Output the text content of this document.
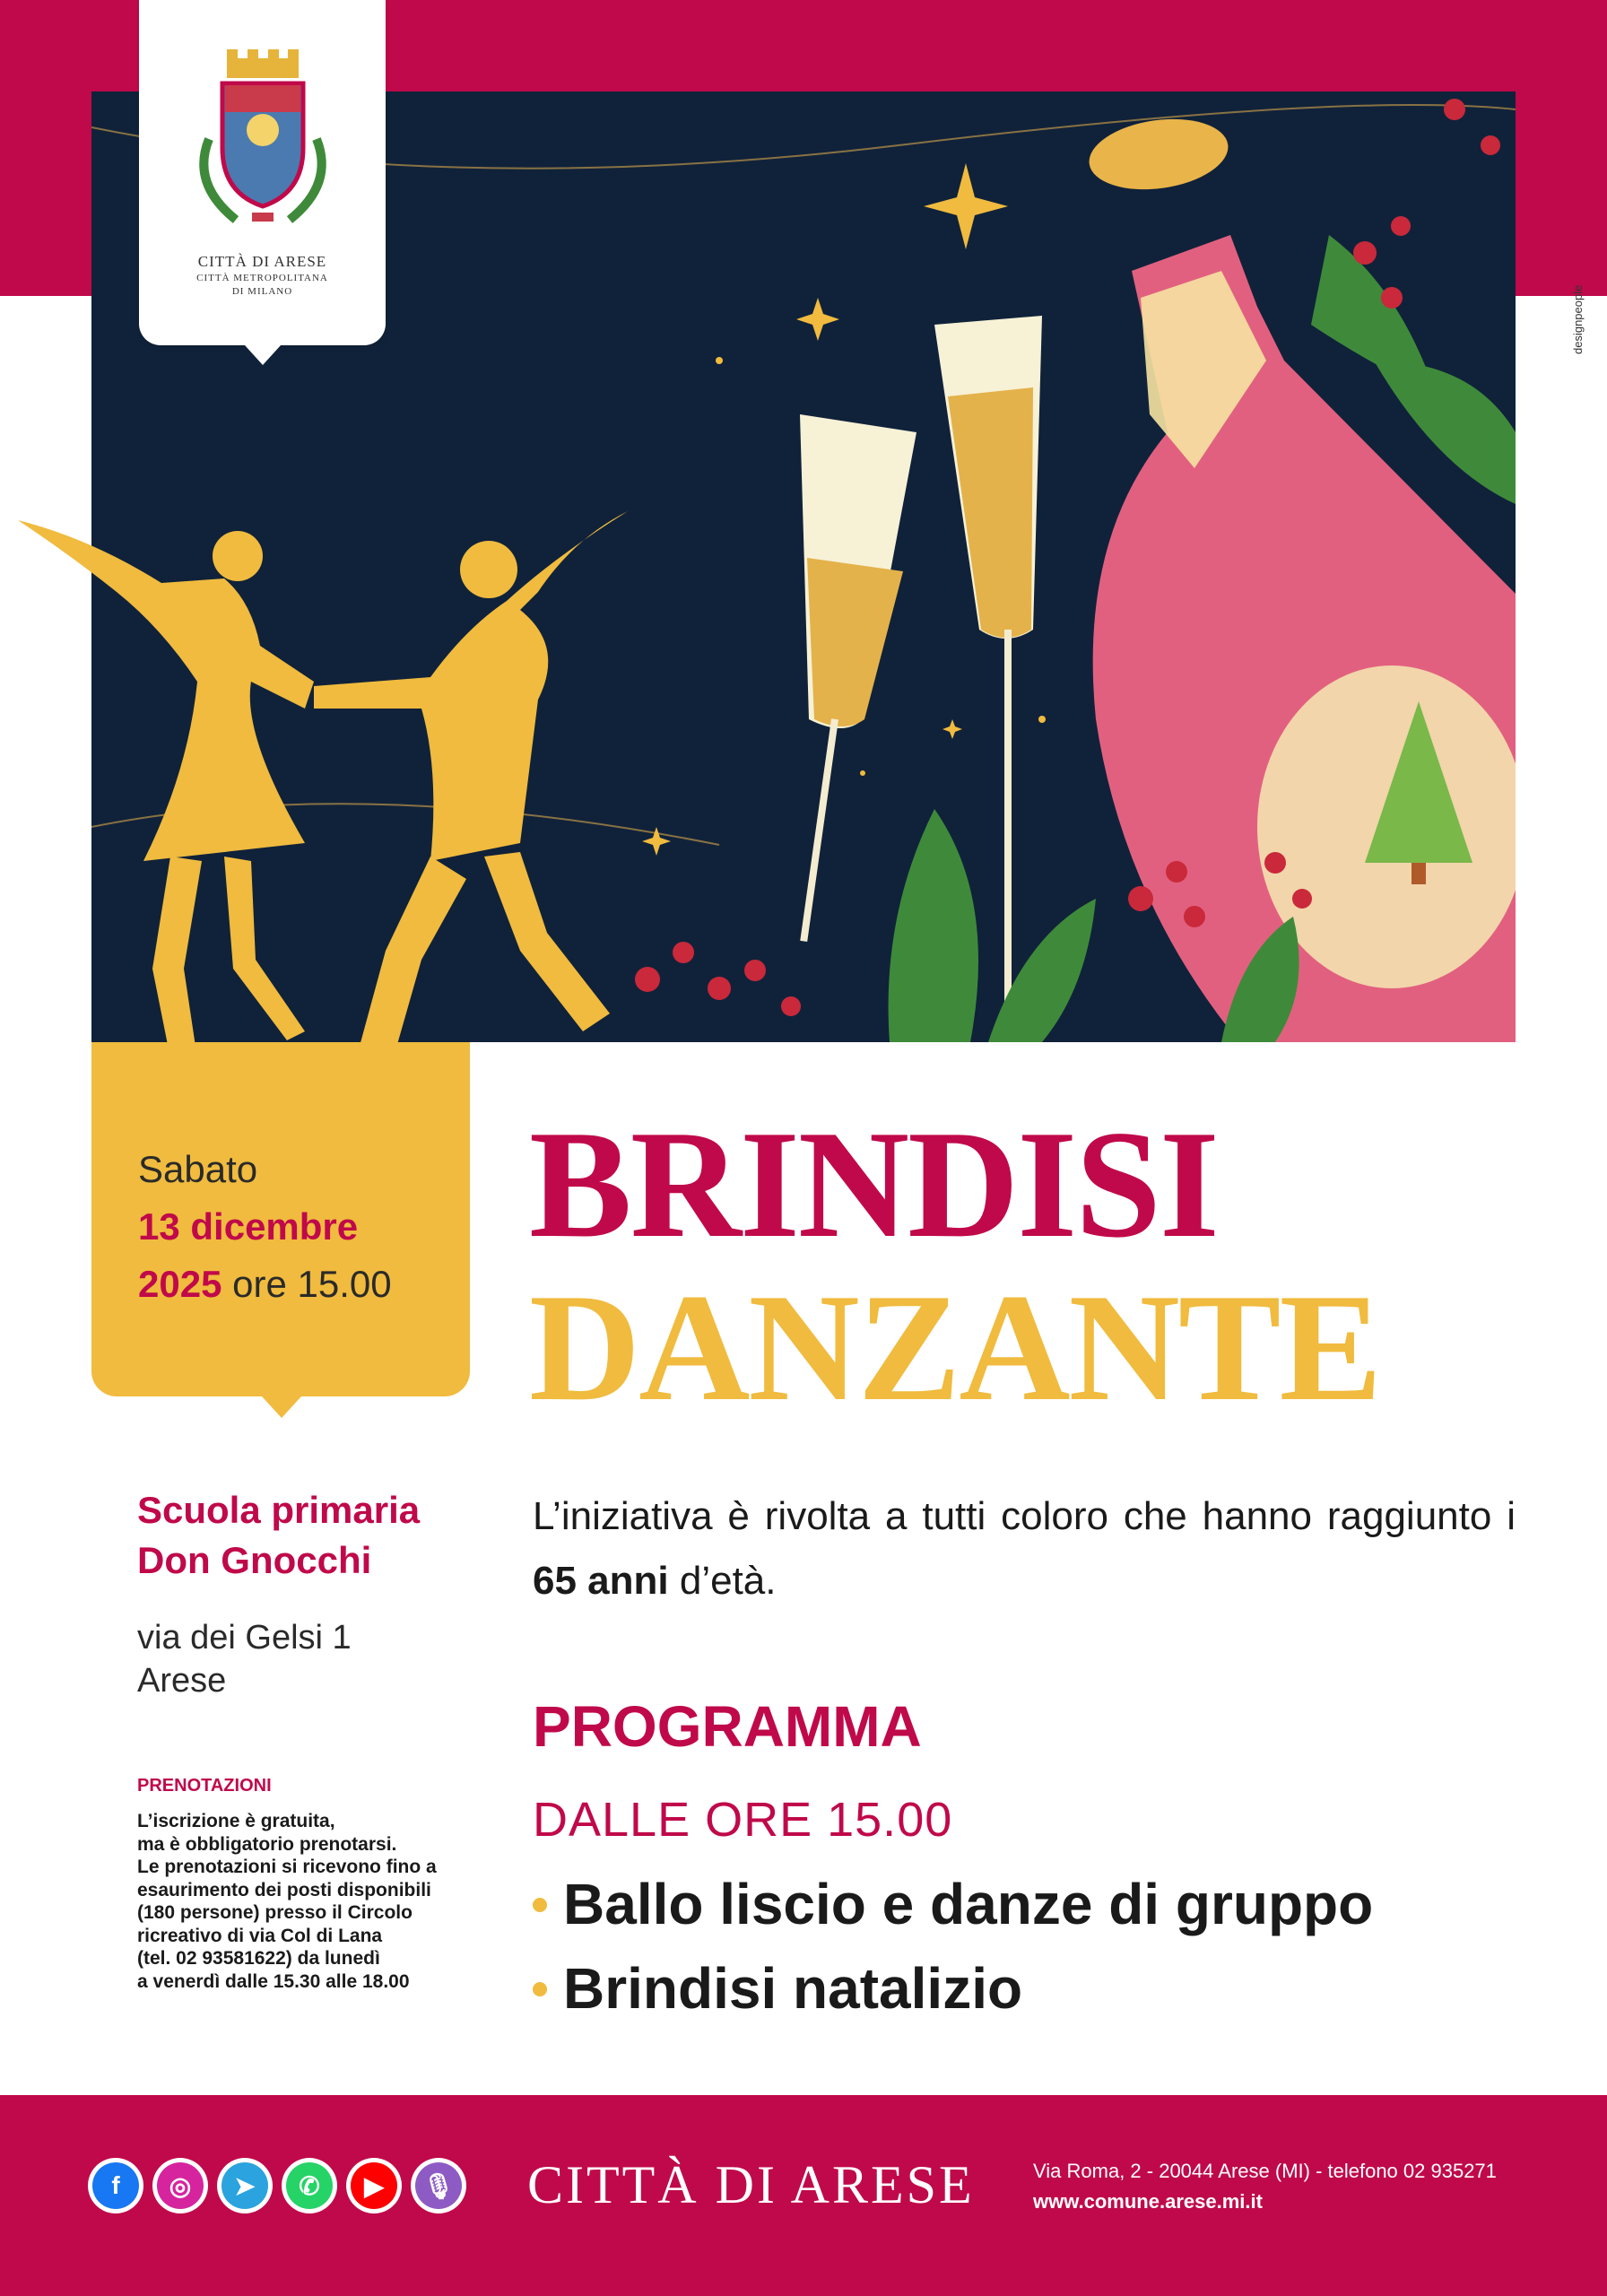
CITTÀ DI ARESE
CITTÀ METROPOLITANA
DI MILANO	designpeople
Sabato
13 dicembre
2025 ore 15.00
BRINDISI
DANZANTE
Scuola primaria
Don Gnocchi
via dei Gelsi 1
Arese
PRENOTAZIONI
L’iscrizione è gratuita,
ma è obbligatorio prenotarsi.
Le prenotazioni si ricevono fino a
esaurimento dei posti disponibili
(180 persone) presso il Circolo
ricreativo di via Col di Lana
(tel. 02 93581622) da lunedì
a venerdì dalle 15.30 alle 18.00
L’iniziativa è rivolta a tutti coloro che hanno raggiunto i 65 anni d’età.
PROGRAMMA
DALLE ORE 15.00
Ballo liscio e danze di gruppo
Brindisi natalizio
f	◎	➤	✆	▶	🎙 CITTÀ DI ARESE	Via Roma, 2 - 20044 Arese (MI) - telefono 02 935271
www.comune.arese.mi.it
